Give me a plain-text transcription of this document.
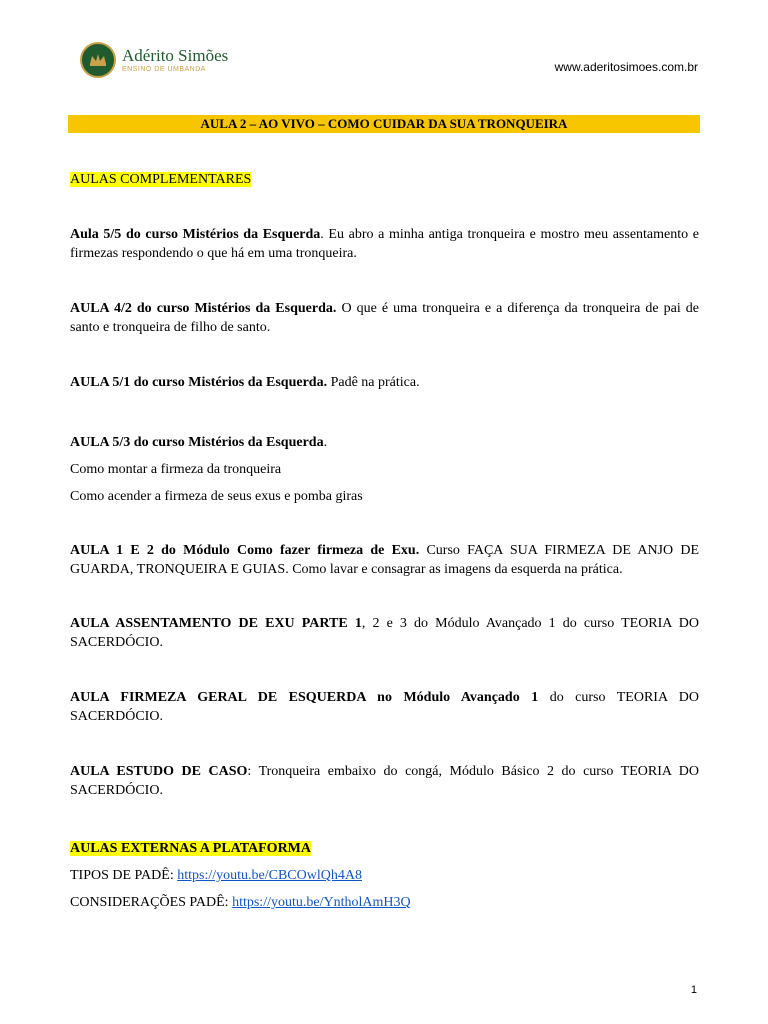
Adérito Simões
ENSINO DE UMBANDA	www.aderitosimoes.com.br
AULA 2 – AO VIVO – COMO CUIDAR DA SUA TRONQUEIRA
AULAS COMPLEMENTARES

Aula 5/5 do curso Mistérios da Esquerda. Eu abro a minha antiga tronqueira e mostro meu assentamento e firmezas respondendo o que há em uma tronqueira.

AULA 4/2 do curso Mistérios da Esquerda. O que é uma tronqueira e a diferença da tronqueira de pai de santo e tronqueira de filho de santo.

AULA 5/1 do curso Mistérios da Esquerda. Padê na prática.

AULA 5/3 do curso Mistérios da Esquerda.

Como montar a firmeza da tronqueira

Como acender a firmeza de seus exus e pomba giras

AULA 1 E 2 do Módulo Como fazer firmeza de Exu. Curso FAÇA SUA FIRMEZA DE ANJO DE GUARDA, TRONQUEIRA E GUIAS. Como lavar e consagrar as imagens da esquerda na prática.

AULA ASSENTAMENTO DE EXU PARTE 1, 2 e 3 do Módulo Avançado 1 do curso TEORIA DO SACERDÓCIO.

AULA FIRMEZA GERAL DE ESQUERDA no Módulo Avançado 1 do curso TEORIA DO SACERDÓCIO.

AULA ESTUDO DE CASO: Tronqueira embaixo do congá, Módulo Básico 2 do curso TEORIA DO SACERDÓCIO.

AULAS EXTERNAS A PLATAFORMA

TIPOS DE PADÊ: https://youtu.be/CBCOwlQh4A8

CONSIDERAÇÕES PADÊ: https://youtu.be/YntholAmH3Q

1
